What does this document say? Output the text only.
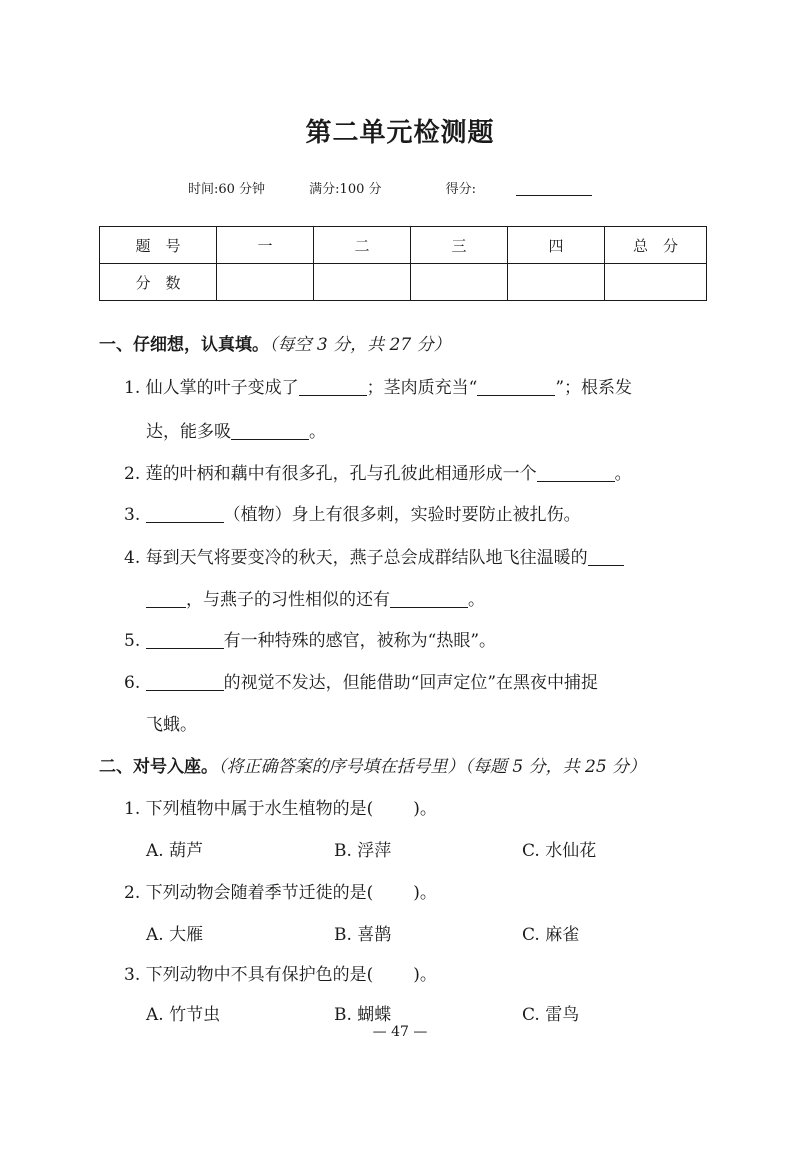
第二单元检测题
时间:60 分钟	满分:100 分	得分:
题　号	一	二	三	四	总　分
分　数					
一、仔细想，认真填。（每空 3 分，共 27 分）
1. 仙人掌的叶子变成了	；茎肉质充当“	”；根系发
达，能多吸	。
2. 莲的叶柄和藕中有很多孔，孔与孔彼此相通形成一个	。
3.	（植物）身上有很多刺，实验时要防止被扎伤。
4. 每到天气将要变冷的秋天，燕子总会成群结队地飞往温暖的
，与燕子的习性相似的还有	。
5.	有一种特殊的感官，被称为“热眼”。
6.	的视觉不发达，但能借助“回声定位”在黑夜中捕捉
飞蛾。
二、对号入座。（将正确答案的序号填在括号里）（每题 5 分，共 25 分）
1. 下列植物中属于水生植物的是( )。
A. 葫芦	B. 浮萍	C. 水仙花
2. 下列动物会随着季节迁徙的是( )。
A. 大雁	B. 喜鹊	C. 麻雀
3. 下列动物中不具有保护色的是( )。
A. 竹节虫	B. 蝴蝶	C. 雷鸟
— 47 —
